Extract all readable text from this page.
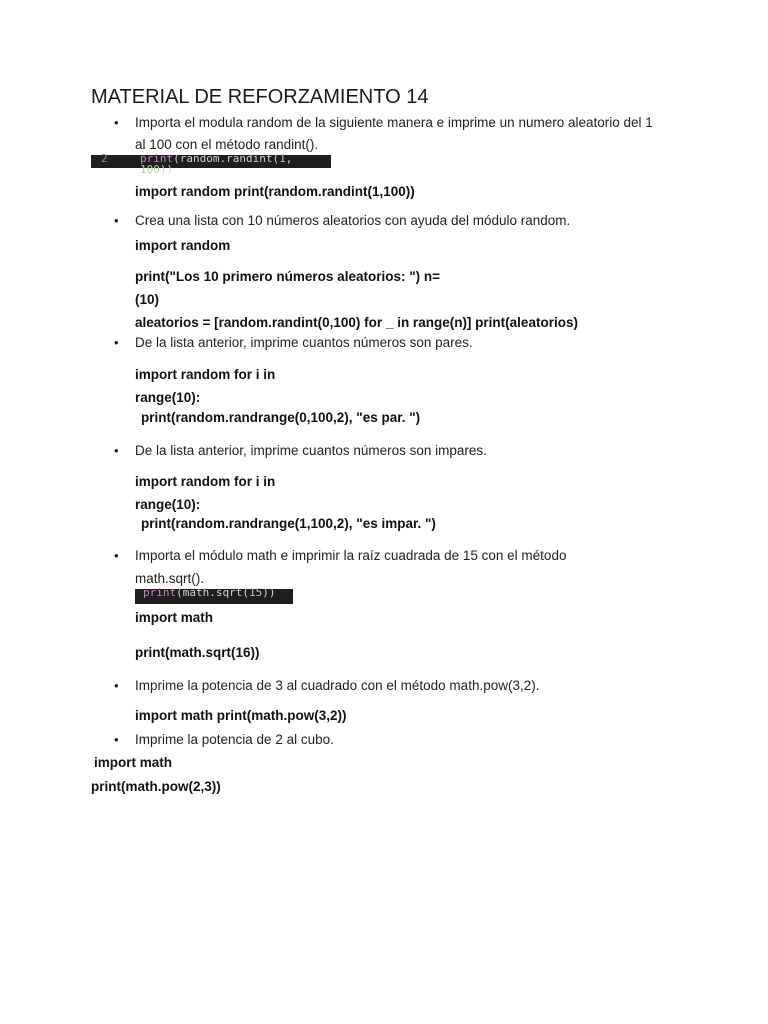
MATERIAL DE REFORZAMIENTO 14
• Importa el modula random de la siguiente manera e imprime un numero aleatorio del 1
al 100 con el método randint().
2	print(random.randint(1, 100))
import random print(random.randint(1,100))
• Crea una lista con 10 números aleatorios con ayuda del módulo random.
import random
print("Los 10 primero números aleatorios: ") n=
(10)
aleatorios = [random.randint(0,100) for _ in range(n)] print(aleatorios)
• De la lista anterior, imprime cuantos números son pares.
import random for i in
range(10):
print(random.randrange(0,100,2), "es par. ")
• De la lista anterior, imprime cuantos números son impares.
import random for i in
range(10):
print(random.randrange(1,100,2), "es impar. ")
• Importa el módulo math e imprimir la raíz cuadrada de 15 con el método
math.sqrt().
print(math.sqrt(15))
import math
print(math.sqrt(16))
• Imprime la potencia de 3 al cuadrado con el método math.pow(3,2).
import math print(math.pow(3,2))
• Imprime la potencia de 2 al cubo.
import math
print(math.pow(2,3))
